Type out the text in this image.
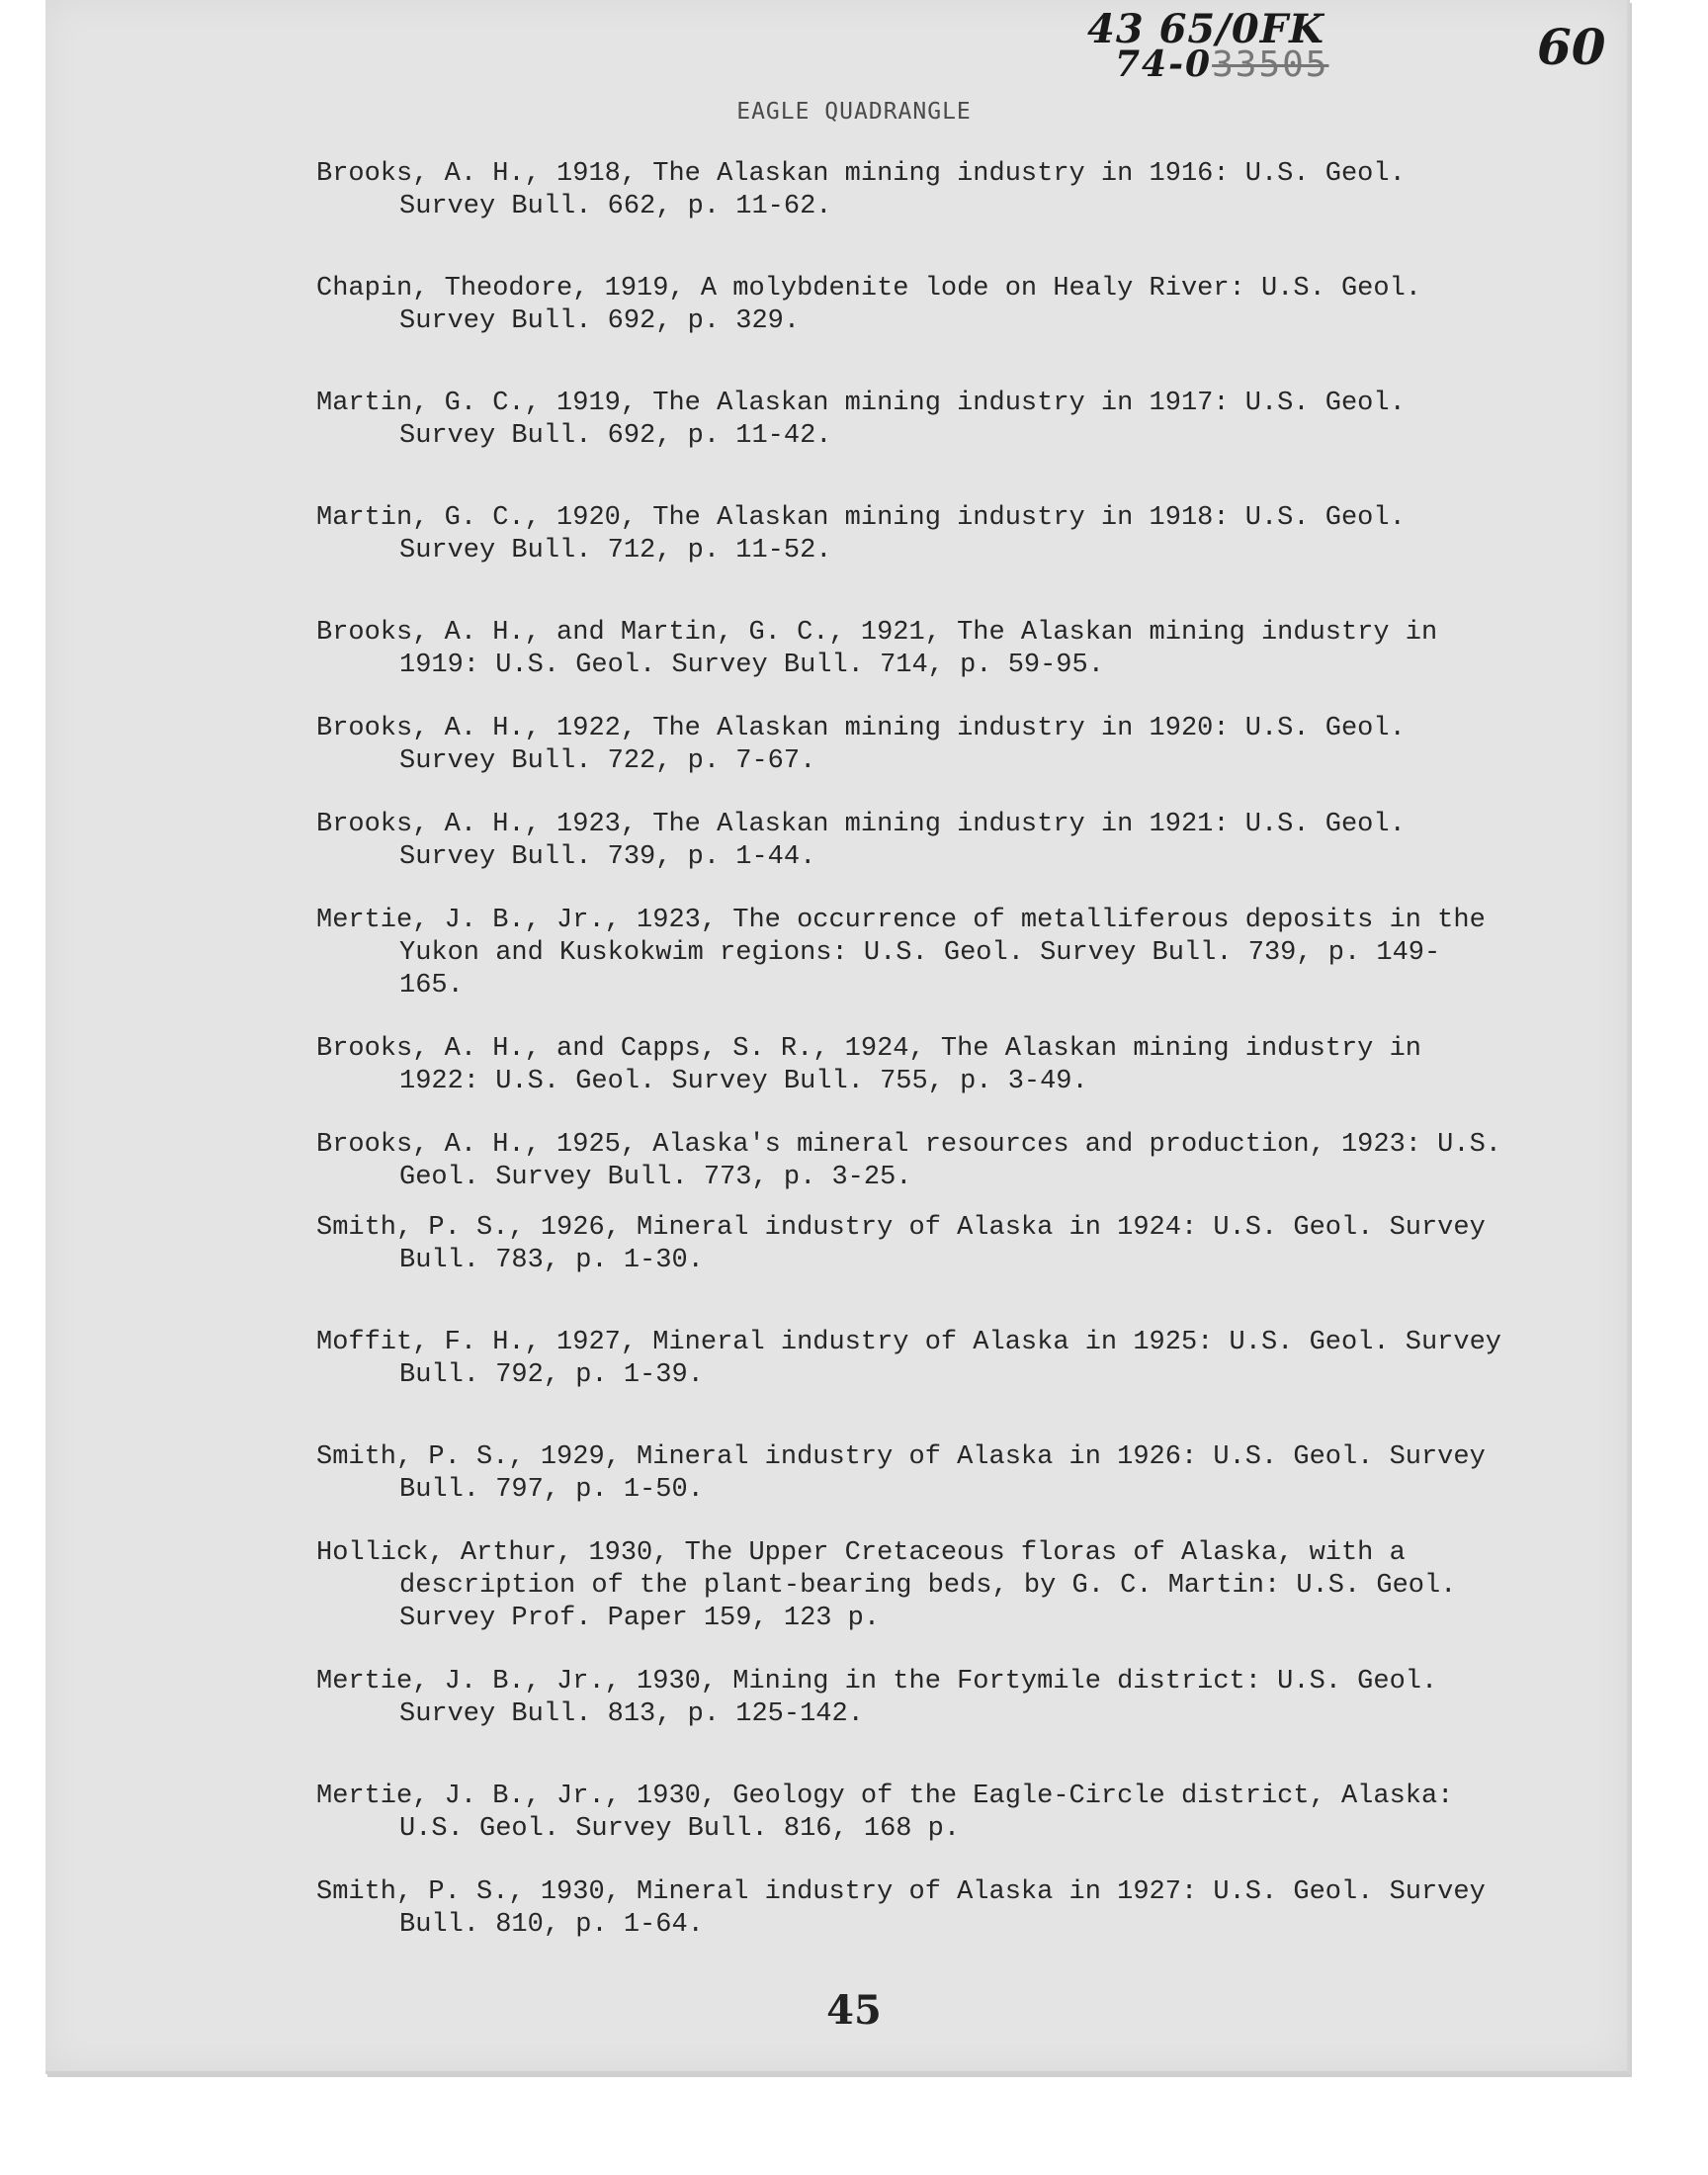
43 65/0FK
74-033505	60
EAGLE QUADRANGLE
Brooks, A. H., 1918, The Alaskan mining industry in 1916: U.S. Geol. Survey Bull. 662, p. 11-62.
Chapin, Theodore, 1919, A molybdenite lode on Healy River: U.S. Geol. Survey Bull. 692, p. 329.
Martin, G. C., 1919, The Alaskan mining industry in 1917: U.S. Geol. Survey Bull. 692, p. 11-42.
Martin, G. C., 1920, The Alaskan mining industry in 1918: U.S. Geol. Survey Bull. 712, p. 11-52.
Brooks, A. H., and Martin, G. C., 1921, The Alaskan mining industry in 1919: U.S. Geol. Survey Bull. 714, p. 59-95.
Brooks, A. H., 1922, The Alaskan mining industry in 1920: U.S. Geol. Survey Bull. 722, p. 7-67.
Brooks, A. H., 1923, The Alaskan mining industry in 1921: U.S. Geol. Survey Bull. 739, p. 1-44.
Mertie, J. B., Jr., 1923, The occurrence of metalliferous deposits in the Yukon and Kuskokwim regions: U.S. Geol. Survey Bull. 739, p. 149-165.
Brooks, A. H., and Capps, S. R., 1924, The Alaskan mining industry in 1922: U.S. Geol. Survey Bull. 755, p. 3-49.
Brooks, A. H., 1925, Alaska's mineral resources and production, 1923: U.S. Geol. Survey Bull. 773, p. 3-25.
Smith, P. S., 1926, Mineral industry of Alaska in 1924: U.S. Geol. Survey Bull. 783, p. 1-30.
Moffit, F. H., 1927, Mineral industry of Alaska in 1925: U.S. Geol. Survey Bull. 792, p. 1-39.
Smith, P. S., 1929, Mineral industry of Alaska in 1926: U.S. Geol. Survey Bull. 797, p. 1-50.
Hollick, Arthur, 1930, The Upper Cretaceous floras of Alaska, with a description of the plant-bearing beds, by G. C. Martin: U.S. Geol. Survey Prof. Paper 159, 123 p.
Mertie, J. B., Jr., 1930, Mining in the Fortymile district: U.S. Geol. Survey Bull. 813, p. 125-142.
Mertie, J. B., Jr., 1930, Geology of the Eagle-Circle district, Alaska: U.S. Geol. Survey Bull. 816, 168 p.
Smith, P. S., 1930, Mineral industry of Alaska in 1927: U.S. Geol. Survey Bull. 810, p. 1-64.
45
